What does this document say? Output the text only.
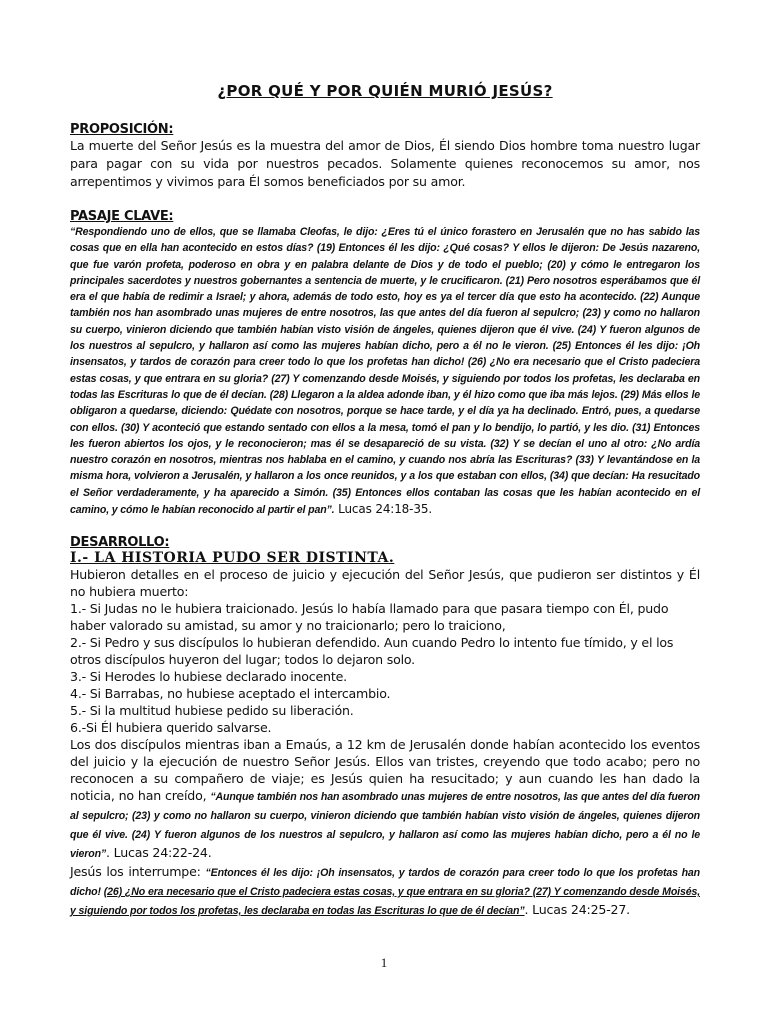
¿POR QUÉ Y POR QUIÉN MURIÓ JESÚS?

PROPOSICIÓN:

La muerte del Señor Jesús es la muestra del amor de Dios, Él siendo Dios hombre toma nuestro lugar para pagar con su vida por nuestros pecados. Solamente quienes reconocemos su amor, nos arrepentimos y vivimos para Él somos beneficiados por su amor.

PASAJE CLAVE:

“Respondiendo uno de ellos, que se llamaba Cleofas, le dijo: ¿Eres tú el único forastero en Jerusalén que no has sabido las cosas que en ella han acontecido en estos días? (19) Entonces él les dijo: ¿Qué cosas? Y ellos le dijeron: De Jesús nazareno, que fue varón profeta, poderoso en obra y en palabra delante de Dios y de todo el pueblo; (20) y cómo le entregaron los principales sacerdotes y nuestros gobernantes a sentencia de muerte, y le crucificaron. (21) Pero nosotros esperábamos que él era el que había de redimir a Israel; y ahora, además de todo esto, hoy es ya el tercer día que esto ha acontecido. (22) Aunque también nos han asombrado unas mujeres de entre nosotros, las que antes del día fueron al sepulcro; (23) y como no hallaron su cuerpo, vinieron diciendo que también habían visto visión de ángeles, quienes dijeron que él vive. (24) Y fueron algunos de los nuestros al sepulcro, y hallaron así como las mujeres habían dicho, pero a él no le vieron. (25) Entonces él les dijo: ¡Oh insensatos, y tardos de corazón para creer todo lo que los profetas han dicho! (26) ¿No era necesario que el Cristo padeciera estas cosas, y que entrara en su gloria? (27) Y comenzando desde Moisés, y siguiendo por todos los profetas, les declaraba en todas las Escrituras lo que de él decían. (28) Llegaron a la aldea adonde iban, y él hizo como que iba más lejos. (29) Más ellos le obligaron a quedarse, diciendo: Quédate con nosotros, porque se hace tarde, y el día ya ha declinado. Entró, pues, a quedarse con ellos. (30) Y aconteció que estando sentado con ellos a la mesa, tomó el pan y lo bendijo, lo partió, y les dio. (31) Entonces les fueron abiertos los ojos, y le reconocieron; mas él se desapareció de su vista. (32) Y se decían el uno al otro: ¿No ardía nuestro corazón en nosotros, mientras nos hablaba en el camino, y cuando nos abría las Escrituras? (33) Y levantándose en la misma hora, volvieron a Jerusalén, y hallaron a los once reunidos, y a los que estaban con ellos, (34) que decían: Ha resucitado el Señor verdaderamente, y ha aparecido a Simón. (35) Entonces ellos contaban las cosas que les habían acontecido en el camino, y cómo le habían reconocido al partir el pan”. Lucas 24:18-35.

DESARROLLO:

I.- LA HISTORIA PUDO SER DISTINTA.

Hubieron detalles en el proceso de juicio y ejecución del Señor Jesús, que pudieron ser distintos y Él no hubiera muerto:

1.- Si Judas no le hubiera traicionado. Jesús lo había llamado para que pasara tiempo con Él, pudo haber valorado su amistad, su amor y no traicionarlo; pero lo traiciono,
2.- Si Pedro y sus discípulos lo hubieran defendido. Aun cuando Pedro lo intento fue tímido, y el los otros discípulos huyeron del lugar; todos lo dejaron solo.
3.- Si Herodes lo hubiese declarado inocente.
4.- Si Barrabas, no hubiese aceptado el intercambio.
5.- Si la multitud hubiese pedido su liberación.
6.-Si Él hubiera querido salvarse.

Los dos discípulos mientras iban a Emaús, a 12 km de Jerusalén donde habían acontecido los eventos del juicio y la ejecución de nuestro Señor Jesús. Ellos van tristes, creyendo que todo acabo; pero no reconocen a su compañero de viaje; es Jesús quien ha resucitado; y aun cuando les han dado la noticia, no han creído, “Aunque también nos han asombrado unas mujeres de entre nosotros, las que antes del día fueron al sepulcro; (23) y como no hallaron su cuerpo, vinieron diciendo que también habían visto visión de ángeles, quienes dijeron que él vive. (24) Y fueron algunos de los nuestros al sepulcro, y hallaron así como las mujeres habían dicho, pero a él no le vieron”. Lucas 24:22-24.

Jesús los interrumpe: “Entonces él les dijo: ¡Oh insensatos, y tardos de corazón para creer todo lo que los profetas han dicho! (26) ¿No era necesario que el Cristo padeciera estas cosas, y que entrara en su gloria? (27) Y comenzando desde Moisés, y siguiendo por todos los profetas, les declaraba en todas las Escrituras lo que de él decían”. Lucas 24:25-27.

1
